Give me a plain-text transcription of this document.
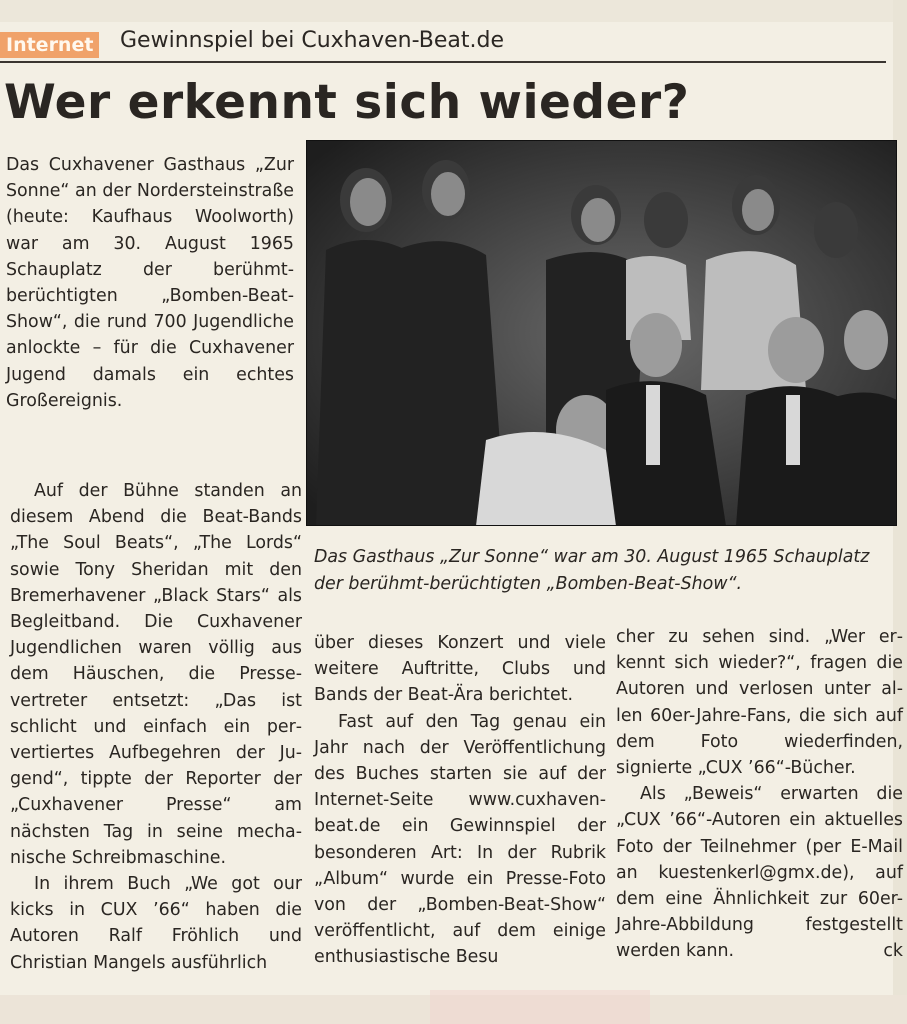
Internet Gewinnspiel bei Cuxhaven-Beat.de
Wer erkennt sich wieder?

Das Cuxhavener Gasthaus „Zur Sonne“ an der Nordersteinstraße (heute: Kaufhaus Woolworth) war am 30. August 1965 Schauplatz der berühmt-berüchtigten „Bomben-Beat-Show“, die rund 700 Jugendliche anlockte – für die Cuxhavener Jugend damals ein echtes Großereignis.

Auf der Bühne standen an diesem Abend die Beat-Bands „The Soul Beats“, „The Lords“ sowie Tony Sheridan mit den Bremerhavener „Black Stars“ als Begleitband. Die Cuxhavener Jugendlichen waren völlig aus dem Häuschen, die Pressevertreter entsetzt: „Das ist schlicht und einfach ein pervertiertes Aufbegehren der Jugend“, tippte der Reporter der „Cuxhavener Presse“ am nächsten Tag in seine mechanische Schreibmaschine.

In ihrem Buch „We got our kicks in CUX ’66“ haben die Autoren Ralf Fröhlich und Christian Mangels ausführlich

Das Gasthaus „Zur Sonne“ war am 30. August 1965 Schauplatz der berühmt-berüchtigten „Bomben-Beat-Show“.

über dieses Konzert und viele weitere Auftritte, Clubs und Bands der Beat-Ära berichtet.

Fast auf den Tag genau ein Jahr nach der Veröffentlichung des Buches starten sie auf der Internet-Seite www.cuxhaven-beat.de ein Gewinnspiel der besonderen Art: In der Rubrik „Album“ wurde ein Presse-Foto von der „Bomben-Beat-Show“ veröffentlicht, auf dem einige enthusiastische Besu

cher zu sehen sind. „Wer erkennt sich wieder?“, fragen die Autoren und verlosen unter allen 60er-Jahre-Fans, die sich auf dem Foto wiederfinden, signierte „CUX ’66“-Bücher.

Als „Beweis“ erwarten die „CUX ’66“-Autoren ein aktuelles Foto der Teilnehmer (per E-Mail an kuestenkerl@gmx.de), auf dem eine Ähnlichkeit zur 60er-Jahre-Abbildung festgestellt werden kann.	ck
